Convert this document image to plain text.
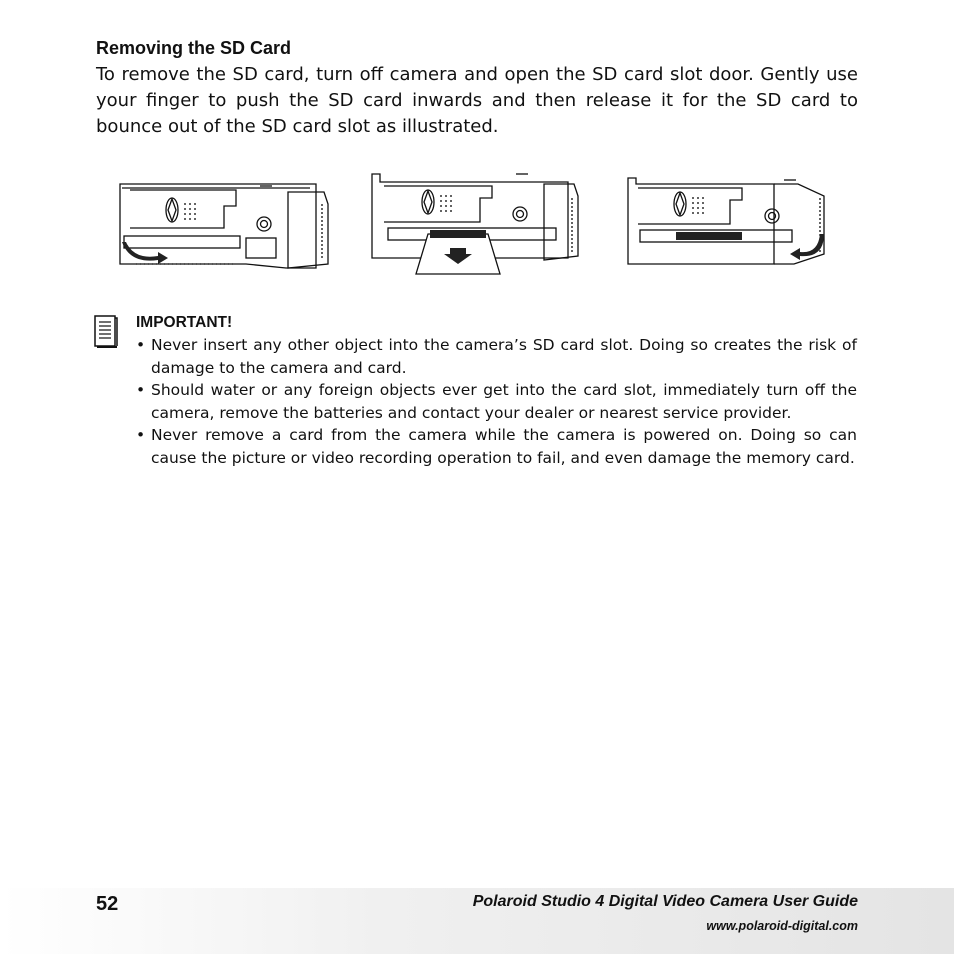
Removing the SD Card
To remove the SD card, turn off camera and open the SD card slot door. Gently use your finger to push the SD card inwards and then release it for the SD card to bounce out of the SD card slot as illustrated.
IMPORTANT!
• Never insert any other object into the camera’s SD card slot. Doing so creates the risk of damage to the camera and card.
• Should water or any foreign objects ever get into the card slot, immediately turn off the camera, remove the batteries and contact your dealer or nearest service provider.
• Never remove a card from the camera while the camera is powered on. Doing so can cause the picture or video recording operation to fail, and even damage the memory card.
52	Polaroid Studio 4 Digital Video Camera User Guide
www.polaroid-digital.com
